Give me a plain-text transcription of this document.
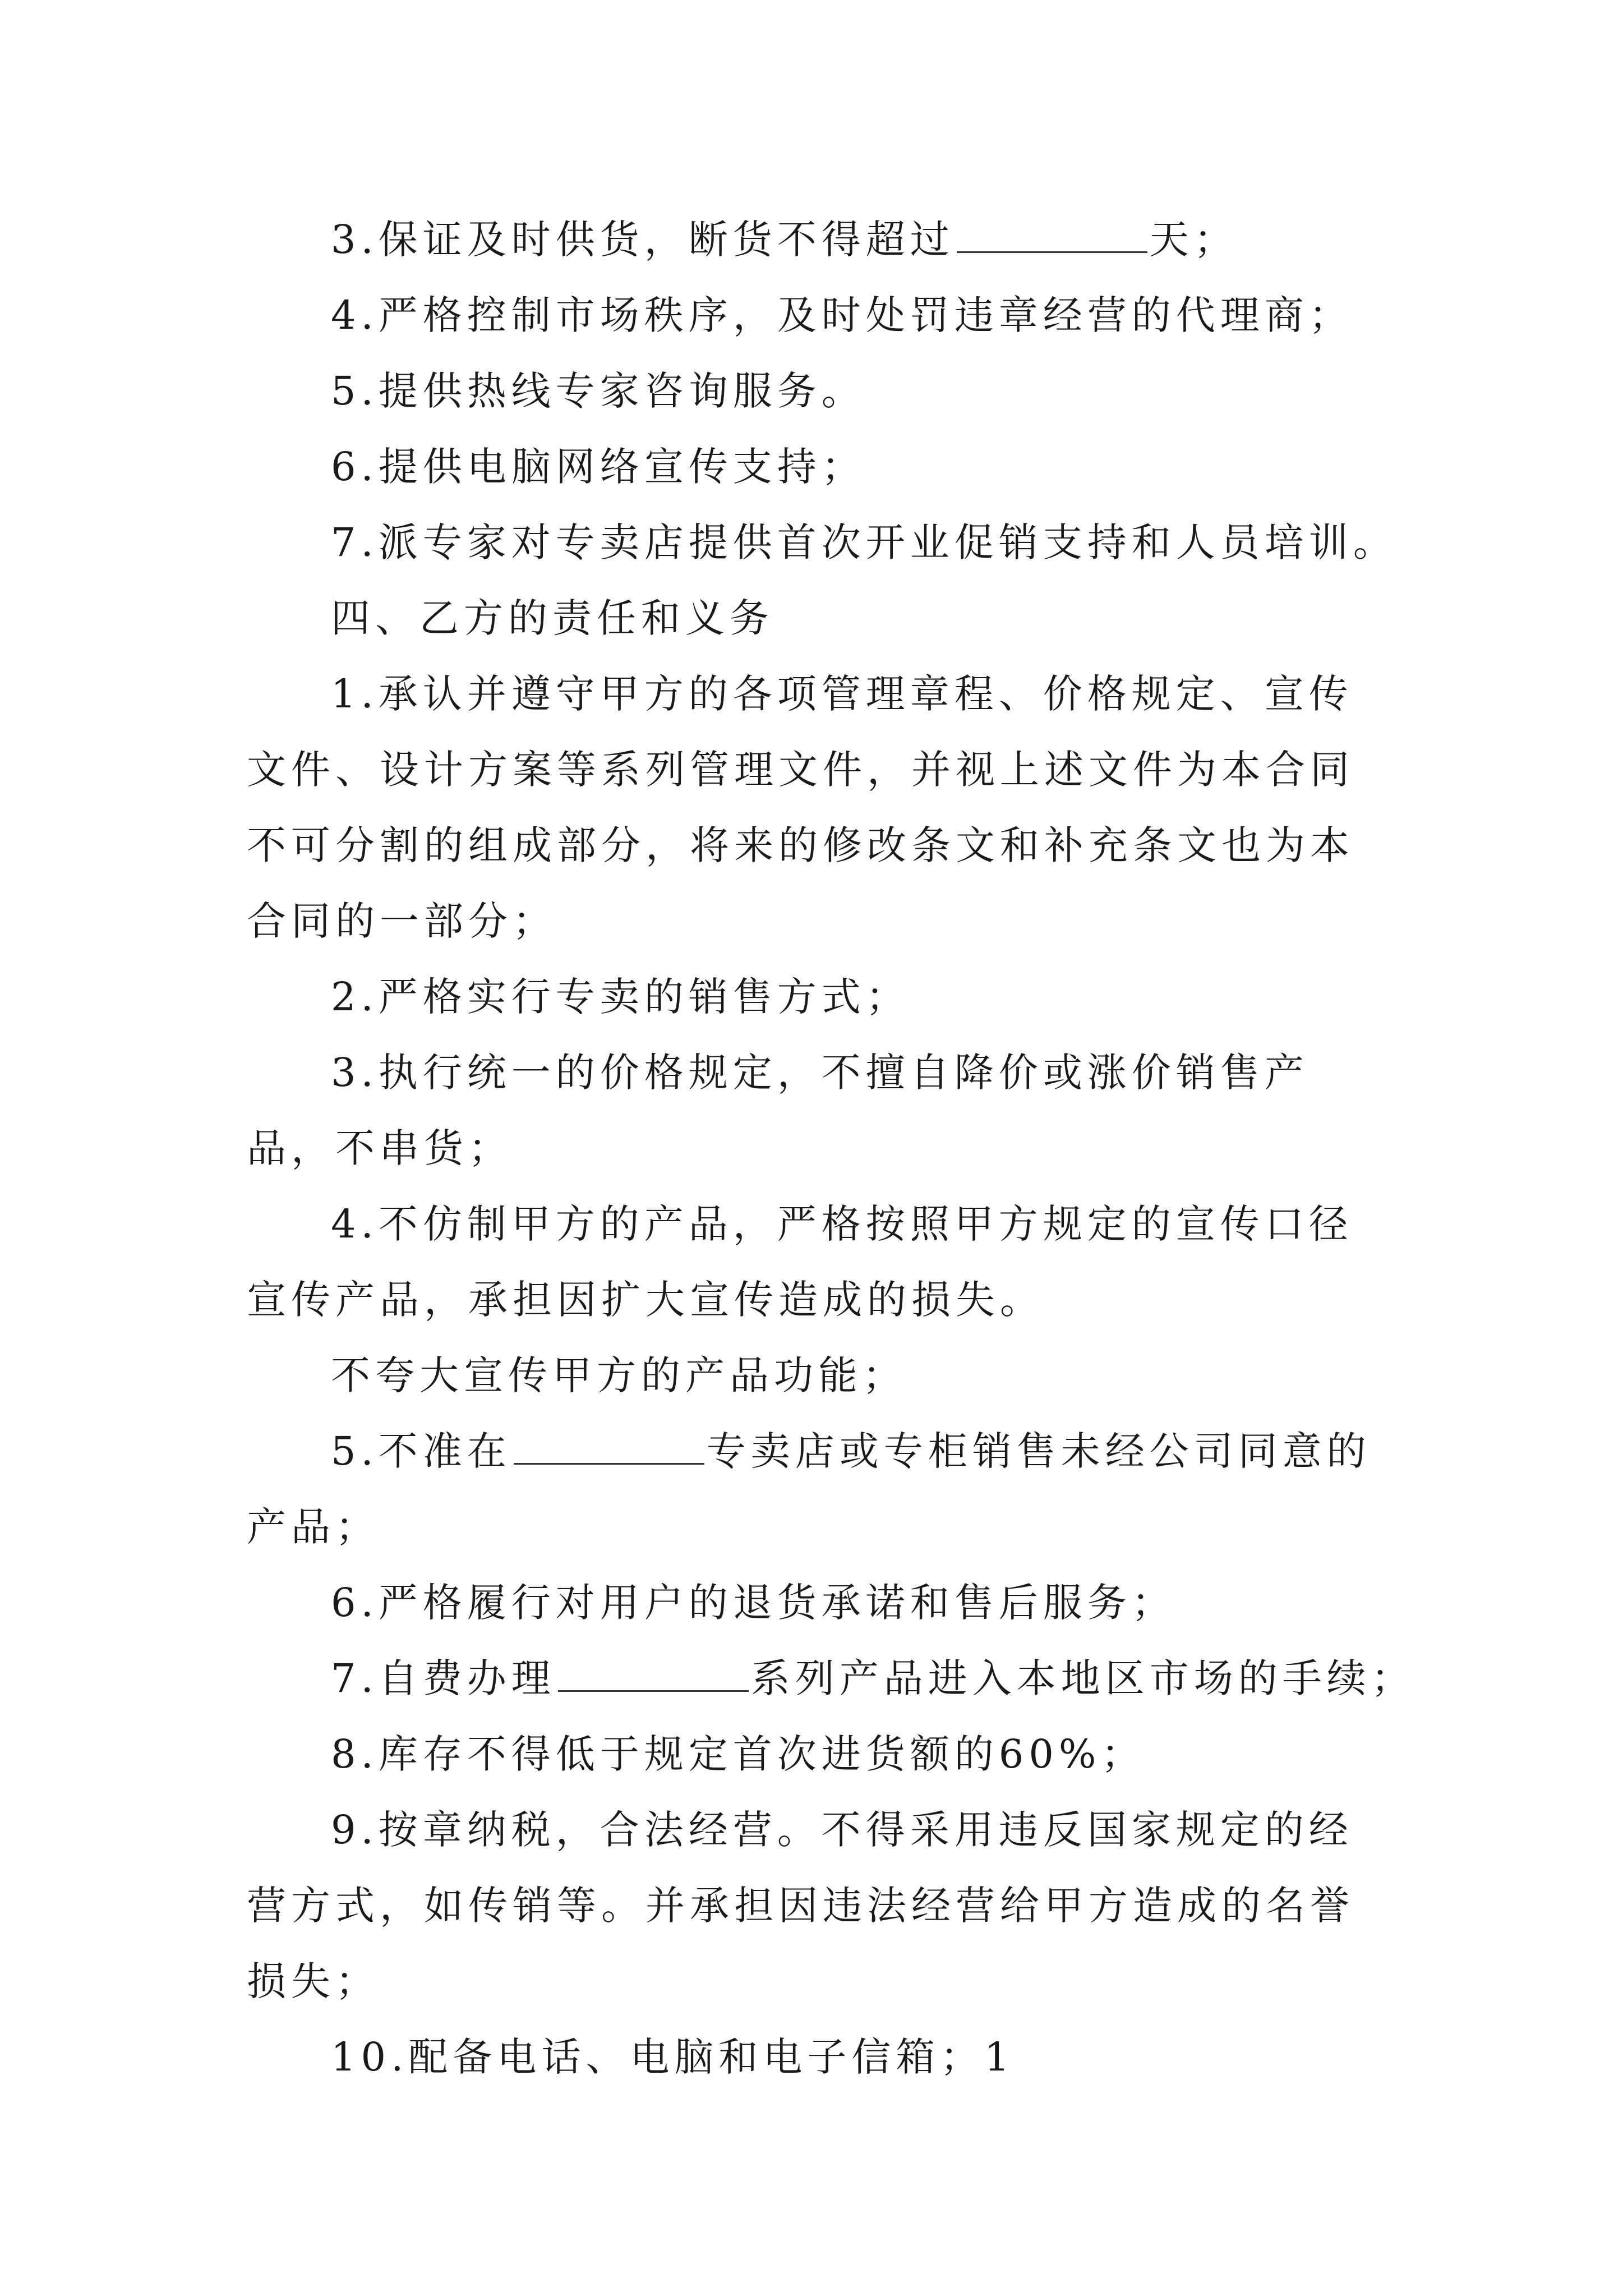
3.保证及时供货，断货不得超过	天；

4.严格控制市场秩序，及时处罚违章经营的代理商；

5.提供热线专家咨询服务。

6.提供电脑网络宣传支持；

7.派专家对专卖店提供首次开业促销支持和人员培训。

四、乙方的责任和义务

1.承认并遵守甲方的各项管理章程、价格规定、宣传文件、设计方案等系列管理文件，并视上述文件为本合同不可分割的组成部分，将来的修改条文和补充条文也为本合同的一部分；

2.严格实行专卖的销售方式；

3.执行统一的价格规定，不擅自降价或涨价销售产品，不串货；

4.不仿制甲方的产品，严格按照甲方规定的宣传口径宣传产品，承担因扩大宣传造成的损失。

不夸大宣传甲方的产品功能；

5.不准在	专卖店或专柜销售未经公司同意的产品；

6.严格履行对用户的退货承诺和售后服务；

7.自费办理	系列产品进入本地区市场的手续；

8.库存不得低于规定首次进货额的60%；

9.按章纳税，合法经营。不得采用违反国家规定的经营方式，如传销等。并承担因违法经营给甲方造成的名誉损失；

10.配备电话、电脑和电子信箱；1
